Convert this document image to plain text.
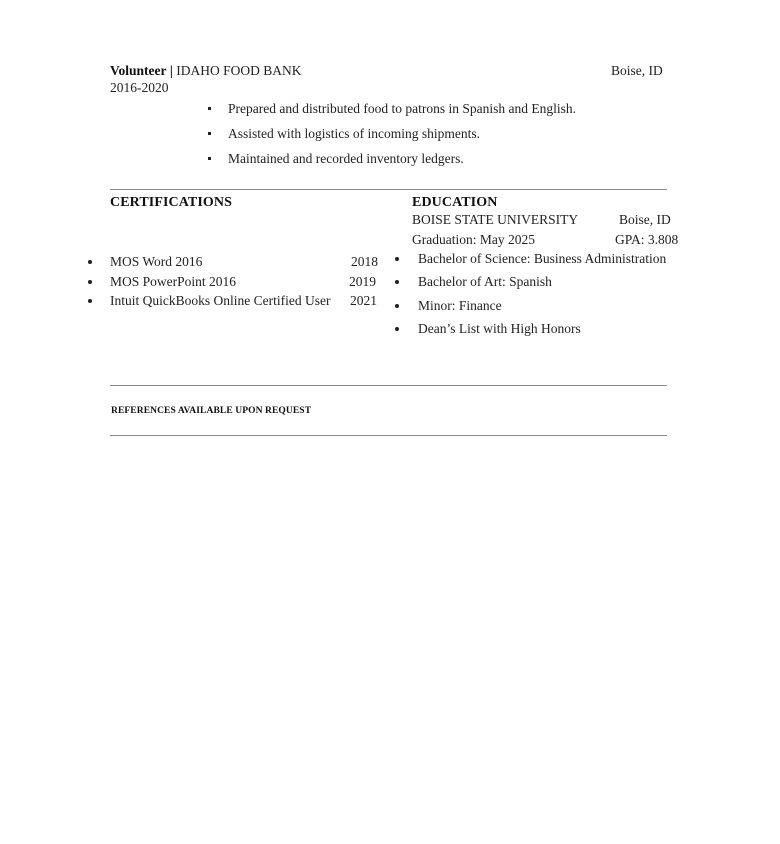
Volunteer | IDAHO FOOD BANK	Boise, ID
2016-2020
Prepared and distributed food to patrons in Spanish and English.
Assisted with logistics of incoming shipments.
Maintained and recorded inventory ledgers.
CERTIFICATIONS
MOS Word 2016	2018
MOS PowerPoint 2016	2019
Intuit QuickBooks Online Certified User 2021
EDUCATION
BOISE STATE UNIVERSITY	Boise, ID
Graduation: May 2025	GPA: 3.808
Bachelor of Science: Business Administration
Bachelor of Art: Spanish
Minor: Finance
Dean’s List with High Honors
REFERENCES AVAILABLE UPON REQUEST
